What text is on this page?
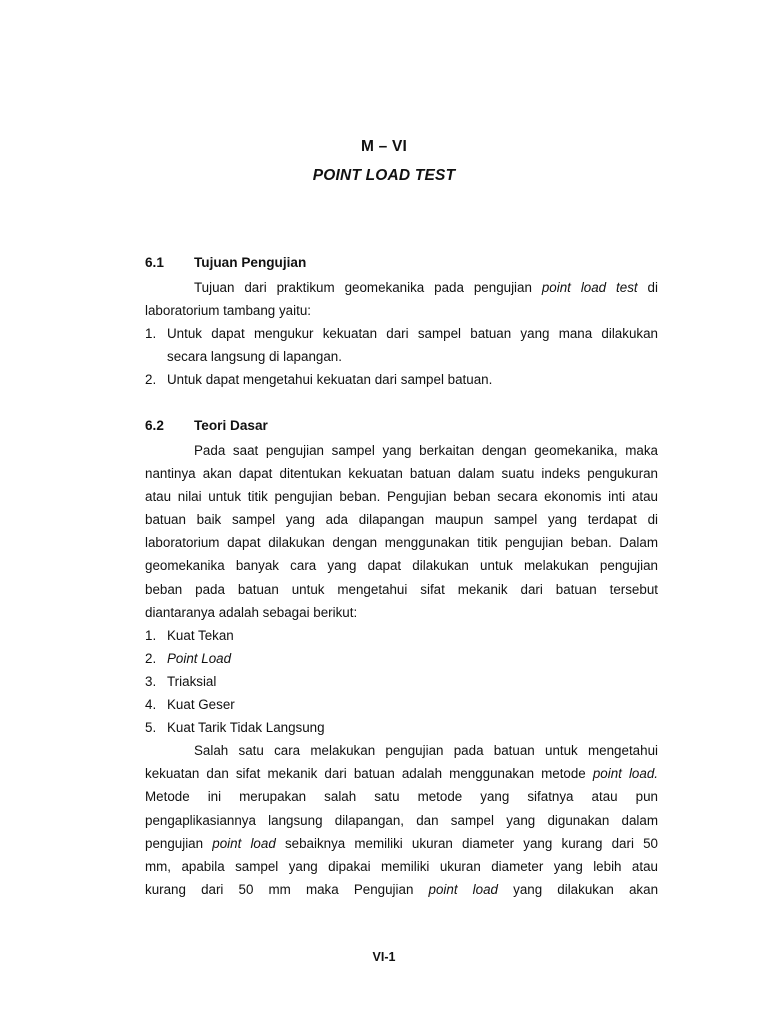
M – VI
POINT LOAD TEST
6.1 Tujuan Pengujian
Tujuan dari praktikum geomekanika pada pengujian point load test di
laboratorium tambang yaitu:
1. Untuk dapat mengukur kekuatan dari sampel batuan yang mana dilakukan
secara langsung di lapangan.
2. Untuk dapat mengetahui kekuatan dari sampel batuan.
6.2 Teori Dasar
Pada saat pengujian sampel yang berkaitan dengan geomekanika, maka
nantinya akan dapat ditentukan kekuatan batuan dalam suatu indeks pengukuran
atau nilai untuk titik pengujian beban. Pengujian beban secara ekonomis inti atau
batuan baik sampel yang ada dilapangan maupun sampel yang terdapat di
laboratorium dapat dilakukan dengan menggunakan titik pengujian beban. Dalam
geomekanika banyak cara yang dapat dilakukan untuk melakukan pengujian
beban pada batuan untuk mengetahui sifat mekanik dari batuan tersebut
diantaranya adalah sebagai berikut:
1. Kuat Tekan
2. Point Load
3. Triaksial
4. Kuat Geser
5. Kuat Tarik Tidak Langsung
Salah satu cara melakukan pengujian pada batuan untuk mengetahui
kekuatan dan sifat mekanik dari batuan adalah menggunakan metode point load.
Metode ini merupakan salah satu metode yang sifatnya atau pun
pengaplikasiannya langsung dilapangan, dan sampel yang digunakan dalam
pengujian point load sebaiknya memiliki ukuran diameter yang kurang dari 50
mm, apabila sampel yang dipakai memiliki ukuran diameter yang lebih atau
kurang dari 50 mm maka Pengujian point load yang dilakukan akan
VI-1
